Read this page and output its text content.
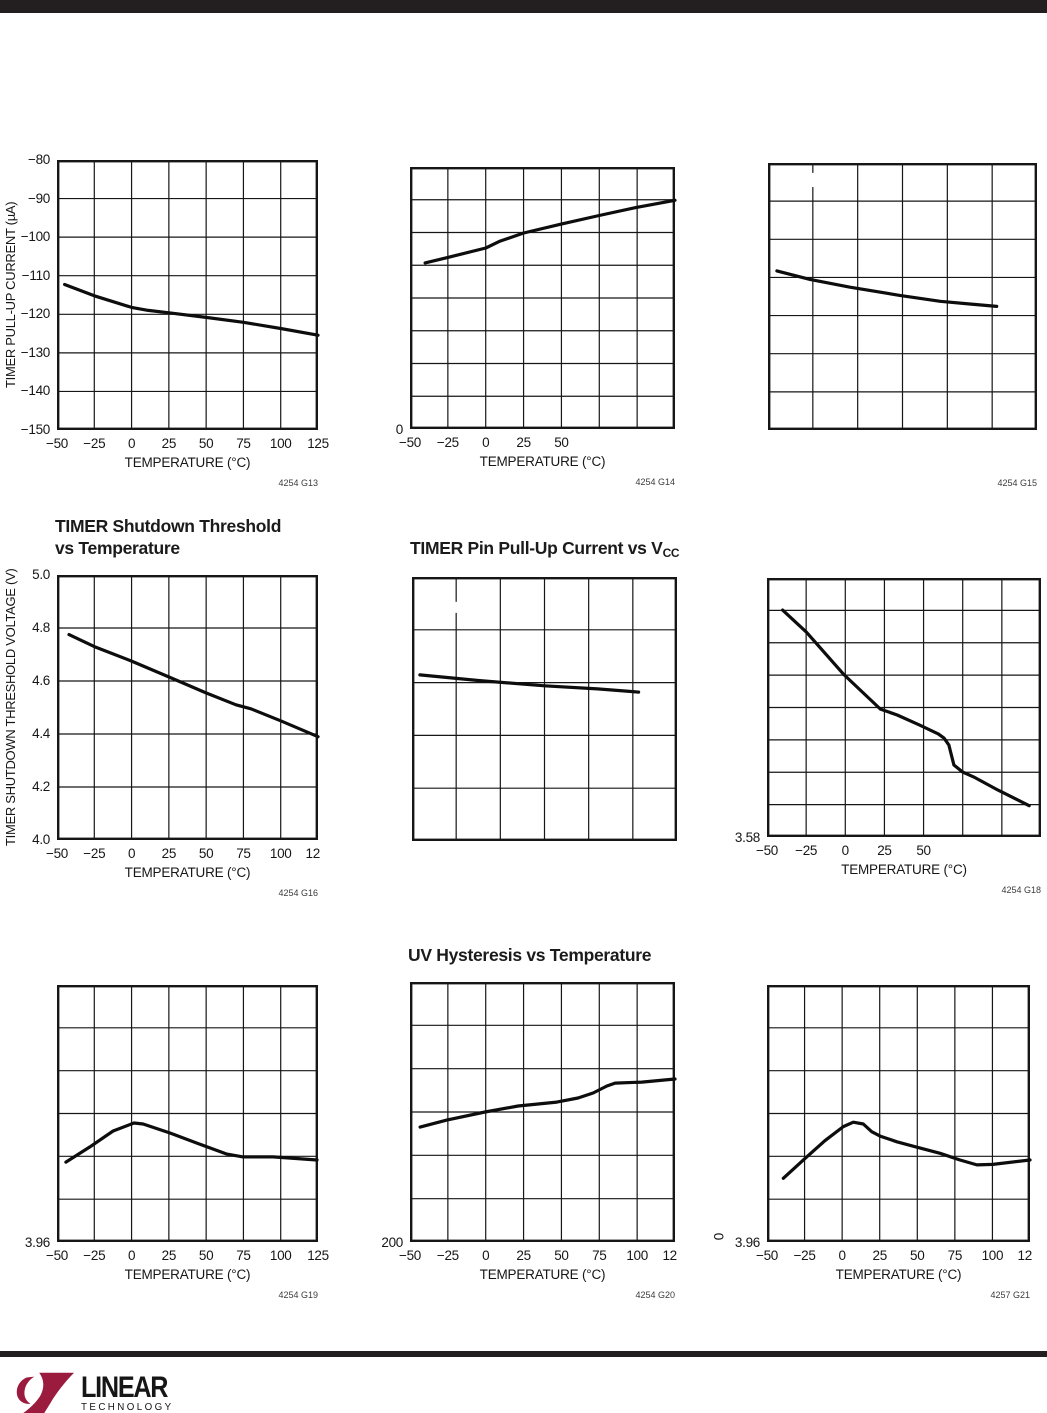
−50 −25 0 25 50 75 100 125
−80
−90
−100
−110
−120
−130
−140
−150
TEMPERATURE (°C)
TIMER PULL-UP CURRENT (µA)
4254 G13
−50 −25 0 25 50
0
TEMPERATURE (°C)
4254 G14	4254 G15
−50 −25 0 25 50 75 100 12
5.0
4.8
4.6
4.4
4.2
4.0
TEMPERATURE (°C)
TIMER SHUTDOWN THRESHOLD VOLTAGE (V)
4254 G16
TIMER Shutdown Threshold
vs Temperature	TIMER Pin Pull-Up Current vs $V_{CC}$
−50 −25 0 25 50
3.58
TEMPERATURE (°C)
4254 G18
−50 −25 0 25 50 75 100 125
3.96
TEMPERATURE (°C)
4254 G19
−50 −25 0 25 50 75 100 12
200
TEMPERATURE (°C)
4254 G20
UV Hysteresis vs Temperature
−50 −25 0 25 50 75 100 12
3.96
0
TEMPERATURE (°C)
4257 G21
LINEAR
TECHNOLOGY
